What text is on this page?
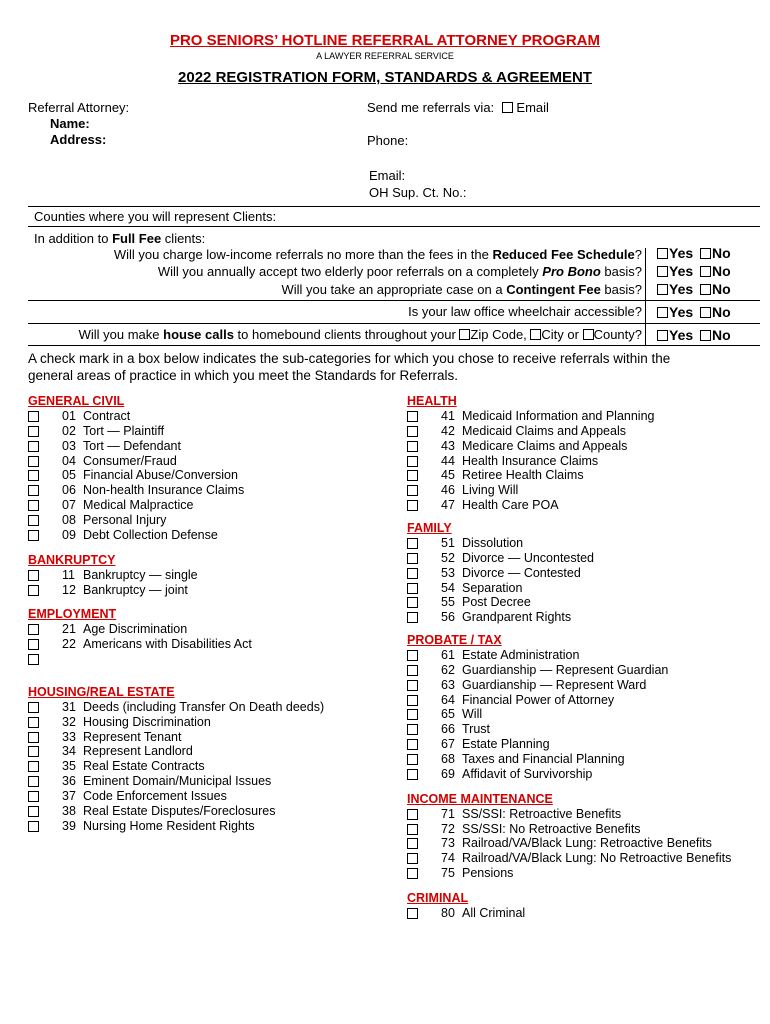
PRO SENIORS’ HOTLINE REFERRAL ATTORNEY PROGRAM
A LAWYER REFERRAL SERVICE
2022 REGISTRATION FORM, STANDARDS & AGREEMENT
Referral Attorney:
Name:
Address:
Send me referrals via: Email
Phone:
Email:
OH Sup. Ct. No.:
Counties where you will represent Clients:
In addition to Full Fee clients:
Will you charge low-income referrals no more than the fees in the Reduced Fee Schedule?
Will you annually accept two elderly poor referrals on a completely Pro Bono basis?
Will you take an appropriate case on a Contingent Fee basis?
Is your law office wheelchair accessible?
Will you make house calls to homebound clients throughout your Zip Code, City or County?
Yes No
Yes No
Yes No
Yes No
Yes No
A check mark in a box below indicates the sub-categories for which you chose to receive referrals within the
general areas of practice in which you meet the Standards for Referrals.
GENERAL CIVIL
01 Contract
02 Tort — Plaintiff
03 Tort — Defendant
04 Consumer/Fraud
05 Financial Abuse/Conversion
06 Non-health Insurance Claims
07 Medical Malpractice
08 Personal Injury
09 Debt Collection Defense
BANKRUPTCY
11 Bankruptcy — single
12 Bankruptcy — joint
EMPLOYMENT
21 Age Discrimination
22 Americans with Disabilities Act
HOUSING/REAL ESTATE
31 Deeds (including Transfer On Death deeds)
32 Housing Discrimination
33 Represent Tenant
34 Represent Landlord
35 Real Estate Contracts
36 Eminent Domain/Municipal Issues
37 Code Enforcement Issues
38 Real Estate Disputes/Foreclosures
39 Nursing Home Resident Rights
HEALTH
41 Medicaid Information and Planning
42 Medicaid Claims and Appeals
43 Medicare Claims and Appeals
44 Health Insurance Claims
45 Retiree Health Claims
46 Living Will
47 Health Care POA
FAMILY
51 Dissolution
52 Divorce — Uncontested
53 Divorce — Contested
54 Separation
55 Post Decree
56 Grandparent Rights
PROBATE / TAX
61 Estate Administration
62 Guardianship — Represent Guardian
63 Guardianship — Represent Ward
64 Financial Power of Attorney
65 Will
66 Trust
67 Estate Planning
68 Taxes and Financial Planning
69 Affidavit of Survivorship
INCOME MAINTENANCE
71 SS/SSI: Retroactive Benefits
72 SS/SSI: No Retroactive Benefits
73 Railroad/VA/Black Lung: Retroactive Benefits
74 Railroad/VA/Black Lung: No Retroactive Benefits
75 Pensions
CRIMINAL
80 All Criminal
